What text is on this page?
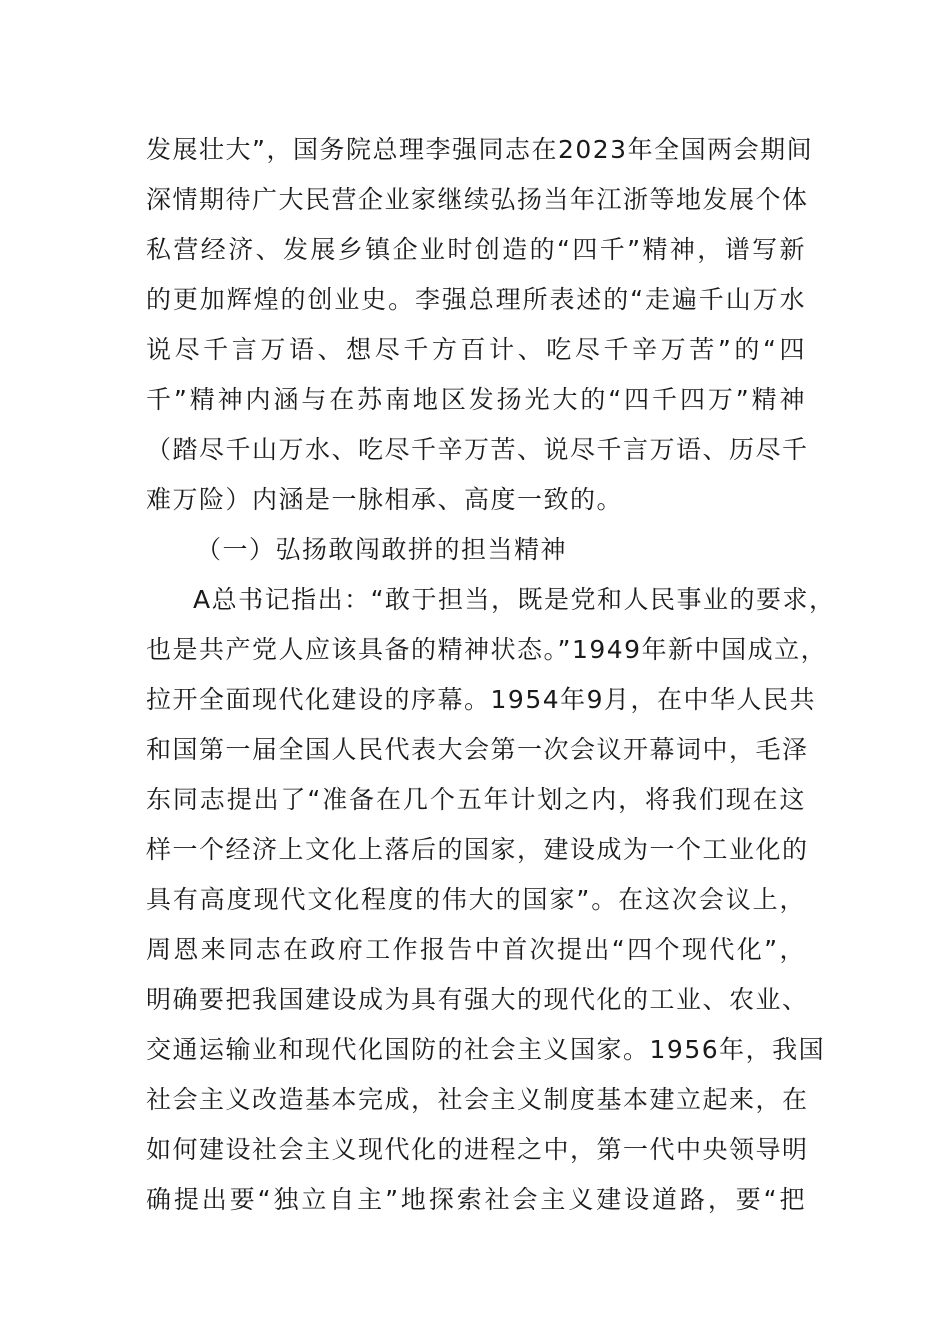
发展壮大”，国务院总理李强同志在2023年全国两会期间
深情期待广大民营企业家继续弘扬当年江浙等地发展个体
私营经济、发展乡镇企业时创造的“四千”精神，谱写新
的更加辉煌的创业史。李强总理所表述的“走遍千山万水
说尽千言万语、想尽千方百计、吃尽千辛万苦”的“四
千”精神内涵与在苏南地区发扬光大的“四千四万”精神
（踏尽千山万水、吃尽千辛万苦、说尽千言万语、历尽千
难万险）内涵是一脉相承、高度一致的。
（一）弘扬敢闯敢拼的担当精神
A总书记指出：“敢于担当，既是党和人民事业的要求，
也是共产党人应该具备的精神状态。”1949年新中国成立，
拉开全面现代化建设的序幕。1954年9月，在中华人民共
和国第一届全国人民代表大会第一次会议开幕词中，毛泽
东同志提出了“准备在几个五年计划之内，将我们现在这
样一个经济上文化上落后的国家，建设成为一个工业化的
具有高度现代文化程度的伟大的国家”。在这次会议上，
周恩来同志在政府工作报告中首次提出“四个现代化”，
明确要把我国建设成为具有强大的现代化的工业、农业、
交通运输业和现代化国防的社会主义国家。1956年，我国
社会主义改造基本完成，社会主义制度基本建立起来，在
如何建设社会主义现代化的进程之中，第一代中央领导明
确提出要“独立自主”地探索社会主义建设道路，要“把
